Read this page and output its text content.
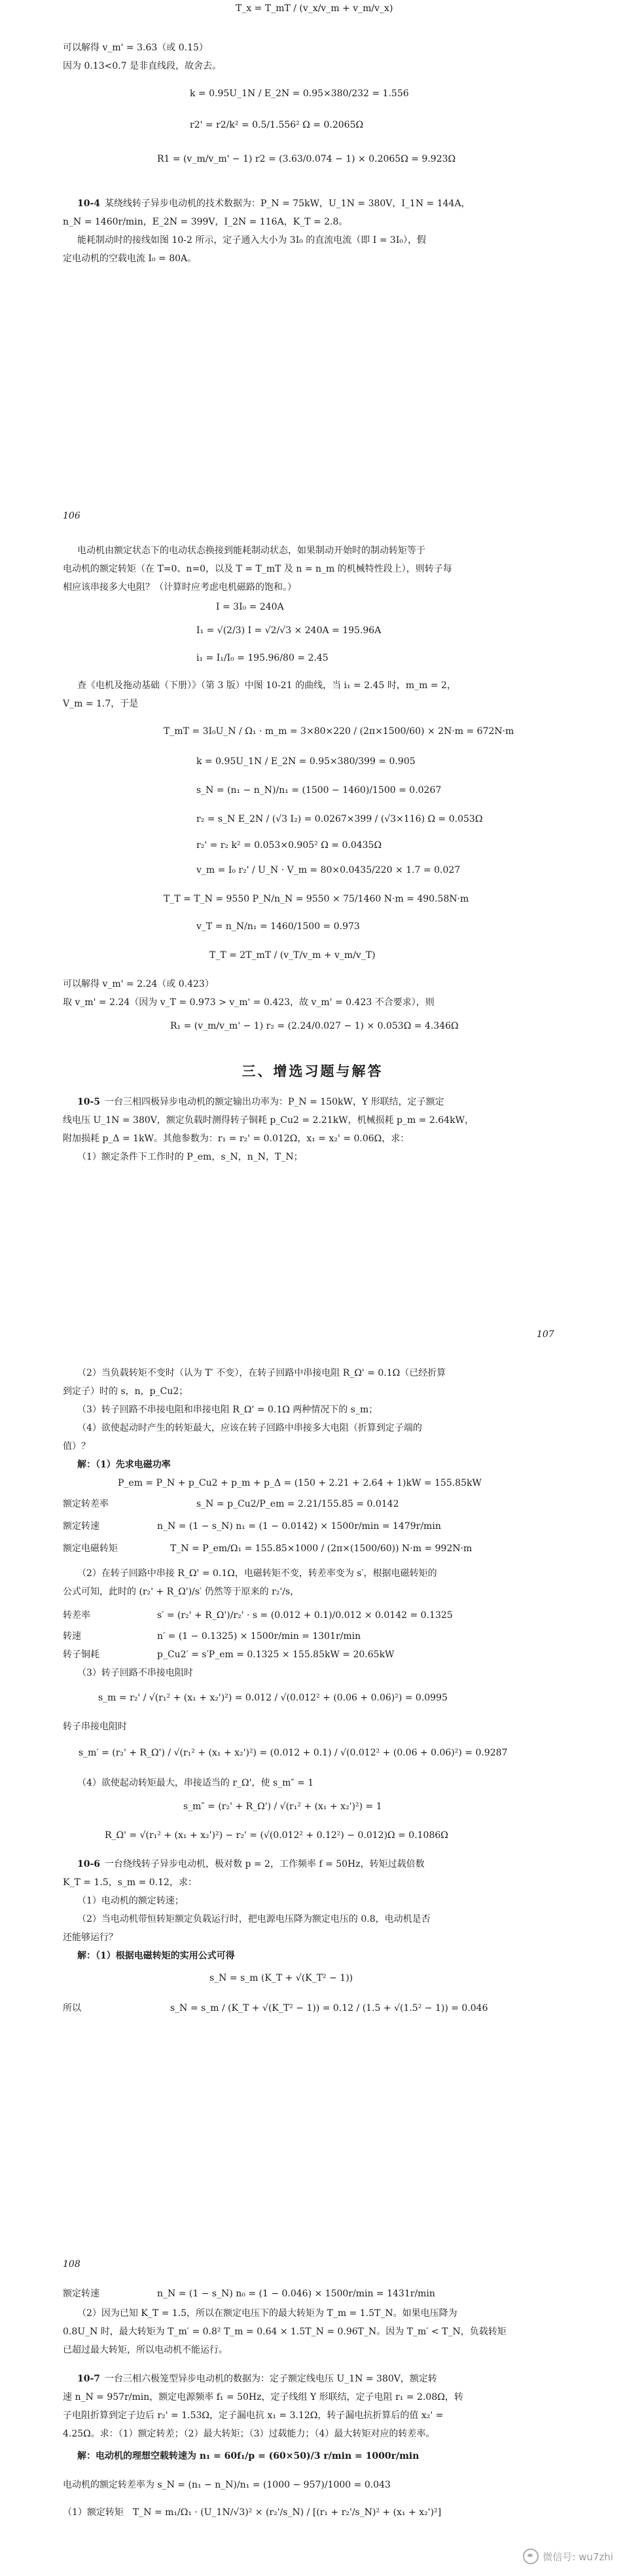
T_x = T_mT / (v_x/v_m + v_m/v_x)
可以解得 v_m' = 3.63（或 0.15）
因为 0.13<0.7 是非直线段，故舍去。
k = 0.95U_1N / E_2N = 0.95×380/232 = 1.556
r2' = r2/k² = 0.5/1.556² Ω = 0.2065Ω
R1 = (v_m/v_m' − 1) r2 = (3.63/0.074 − 1) × 0.2065Ω = 9.923Ω
10-4 某绕线转子异步电动机的技术数据为：P_N = 75kW，U_1N = 380V，I_1N = 144A，
n_N = 1460r/min，E_2N = 399V，I_2N = 116A，K_T = 2.8。
能耗制动时的接线如图 10-2 所示，定子通入大小为 3I₀ 的直流电流（即 I = 3I₀），假
定电动机的空载电流 I₀ = 80A。
106
电动机由额定状态下的电动状态换接到能耗制动状态，如果制动开始时的制动转矩等于
电动机的额定转矩（在 T=0、n=0，以及 T = T_mT 及 n = n_m 的机械特性段上），则转子每
相应该串接多大电阻？（计算时应考虑电机磁路的饱和。）
I = 3I₀ = 240A
I₁ = √(2/3) I = √2/√3 × 240A = 195.96A
i₁ = I₁/I₀ = 195.96/80 = 2.45
查《电机及拖动基础（下册）》（第 3 版）中图 10-21 的曲线，当 i₁ = 2.45 时，m_m = 2，
V_m = 1.7，于是
T_mT = 3I₀U_N / Ω₁ · m_m = 3×80×220 / (2π×1500/60) × 2N·m = 672N·m
k = 0.95U_1N / E_2N = 0.95×380/399 = 0.905
s_N = (n₁ − n_N)/n₁ = (1500 − 1460)/1500 = 0.0267
r₂ = s_N E_2N / (√3 I₂) = 0.0267×399 / (√3×116) Ω = 0.053Ω
r₂' = r₂ k² = 0.053×0.905² Ω = 0.0435Ω
v_m = I₀ r₂' / U_N · V_m = 80×0.0435/220 × 1.7 = 0.027
T_T = T_N = 9550 P_N/n_N = 9550 × 75/1460 N·m = 490.58N·m
v_T = n_N/n₁ = 1460/1500 = 0.973
T_T = 2T_mT / (v_T/v_m + v_m/v_T)
可以解得 v_m' = 2.24（或 0.423）
取 v_m' = 2.24（因为 v_T = 0.973 > v_m' = 0.423，故 v_m' = 0.423 不合要求），则
R₁ = (v_m/v_m' − 1) r₂ = (2.24/0.027 − 1) × 0.053Ω = 4.346Ω
三、增选习题与解答
10-5 一台三相四极异步电动机的额定输出功率为：P_N = 150kW，Y 形联结，定子额定
线电压 U_1N = 380V，额定负载时测得转子铜耗 p_Cu2 = 2.21kW，机械损耗 p_m = 2.64kW，
附加损耗 p_Δ = 1kW。其他参数为：r₁ = r₂' = 0.012Ω，x₁ = x₂' = 0.06Ω，求：
（1）额定条件下工作时的 P_em，s_N，n_N，T_N；
107
（2）当负载转矩不变时（认为 T′ 不变），在转子回路中串接电阻 R_Ω' = 0.1Ω（已经折算
到定子）时的 s，n，p_Cu2；
（3）转子回路不串接电阻和串接电阻 R_Ω' = 0.1Ω 两种情况下的 s_m；
（4）欲使起动时产生的转矩最大，应该在转子回路中串接多大电阻（折算到定子端的
值）？
解：（1）先求电磁功率
P_em = P_N + p_Cu2 + p_m + p_Δ = (150 + 2.21 + 2.64 + 1)kW = 155.85kW
额定转差率	s_N = p_Cu2/P_em = 2.21/155.85 = 0.0142
额定转速	n_N = (1 − s_N) n₁ = (1 − 0.0142) × 1500r/min = 1479r/min
额定电磁转矩	T_N = P_em/Ω₁ = 155.85×1000 / (2π×(1500/60)) N·m = 992N·m
（2）在转子回路中串接 R_Ω' = 0.1Ω，电磁转矩不变，转差率变为 s′，根据电磁转矩的
公式可知，此时的 (r₂' + R_Ω')/s′ 仍然等于原来的 r₂'/s，
转差率	s′ = (r₂' + R_Ω')/r₂' · s = (0.012 + 0.1)/0.012 × 0.0142 = 0.1325
转速	n′ = (1 − 0.1325) × 1500r/min = 1301r/min
转子铜耗	p_Cu2′ = s′P_em = 0.1325 × 155.85kW = 20.65kW
（3）转子回路不串接电阻时
s_m = r₂' / √(r₁² + (x₁ + x₂')²) = 0.012 / √(0.012² + (0.06 + 0.06)²) = 0.0995
转子串接电阻时
s_m′ = (r₂' + R_Ω') / √(r₁² + (x₁ + x₂')²) = (0.012 + 0.1) / √(0.012² + (0.06 + 0.06)²) = 0.9287
（4）欲使起动转矩最大，串接适当的 r_Ω'，使 s_m″ = 1
s_m″ = (r₂' + R_Ω') / √(r₁² + (x₁ + x₂')²) = 1
R_Ω' = √(r₁² + (x₁ + x₂')²) − r₂' = (√(0.012² + 0.12²) − 0.012)Ω = 0.1086Ω
10-6 一台绕线转子异步电动机，极对数 p = 2，工作频率 f = 50Hz，转矩过载倍数
K_T = 1.5，s_m = 0.12，求：
（1）电动机的额定转速；
（2）当电动机带恒转矩额定负载运行时，把电源电压降为额定电压的 0.8，电动机是否
还能够运行？
解：（1）根据电磁转矩的实用公式可得
s_N = s_m (K_T + √(K_T² − 1))
所以	s_N = s_m / (K_T + √(K_T² − 1)) = 0.12 / (1.5 + √(1.5² − 1)) = 0.046
108
额定转速	n_N = (1 − s_N) n₀ = (1 − 0.046) × 1500r/min = 1431r/min
（2）因为已知 K_T = 1.5，所以在额定电压下的最大转矩为 T_m = 1.5T_N。如果电压降为
0.8U_N 时，最大转矩为 T_m′ = 0.8² T_m = 0.64 × 1.5T_N = 0.96T_N。因为 T_m′ < T_N，负载转矩
已超过最大转矩，所以电动机不能运行。
10-7 一台三相六极笼型异步电动机的数据为：定子额定线电压 U_1N = 380V，额定转
速 n_N = 957r/min，额定电源频率 f₁ = 50Hz，定子线组 Y 形联结，定子电阻 r₁ = 2.08Ω，转
子电阻折算到定子边后 r₂' = 1.53Ω，定子漏电抗 x₁ = 3.12Ω，转子漏电抗折算后的值 x₂' =
4.25Ω。求：（1）额定转差；（2）最大转矩；（3）过载能力；（4）最大转矩对应的转差率。
解：电动机的理想空载转速为 n₁ = 60f₁/p = (60×50)/3 r/min = 1000r/min
电动机的额定转差率为 s_N = (n₁ − n_N)/n₁ = (1000 − 957)/1000 = 0.043
（1）额定转矩　T_N = m₁/Ω₁ · (U_1N/√3)² × (r₂'/s_N) / [(r₁ + r₂'/s_N)² + (x₁ + x₂')²]
微信号: wu7zhi
